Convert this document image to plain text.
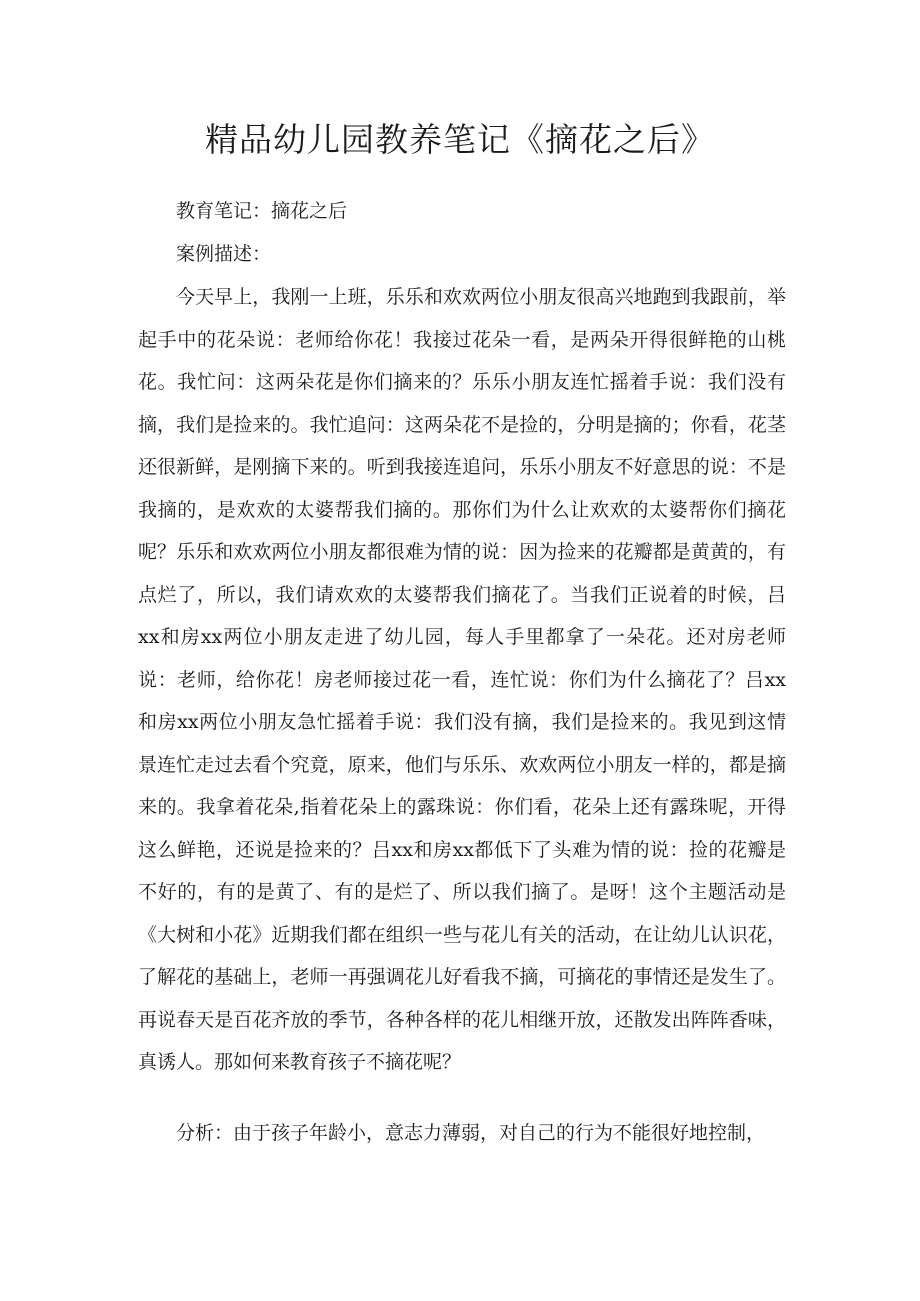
精品幼儿园教养笔记《摘花之后》

教育笔记：摘花之后

案例描述：

今天早上，我刚一上班，乐乐和欢欢两位小朋友很高兴地跑到我跟前，举起手中的花朵说：老师给你花！我接过花朵一看，是两朵开得很鲜艳的山桃花。我忙问：这两朵花是你们摘来的？乐乐小朋友连忙摇着手说：我们没有摘，我们是捡来的。我忙追问：这两朵花不是捡的，分明是摘的；你看，花茎还很新鲜，是刚摘下来的。听到我接连追问，乐乐小朋友不好意思的说：不是我摘的，是欢欢的太婆帮我们摘的。那你们为什么让欢欢的太婆帮你们摘花呢？乐乐和欢欢两位小朋友都很难为情的说：因为捡来的花瓣都是黄黄的，有点烂了，所以，我们请欢欢的太婆帮我们摘花了。当我们正说着的时候，吕xx和房xx两位小朋友走进了幼儿园，每人手里都拿了一朵花。还对房老师说：老师，给你花！房老师接过花一看，连忙说：你们为什么摘花了？吕xx和房xx两位小朋友急忙摇着手说：我们没有摘，我们是捡来的。我见到这情景连忙走过去看个究竟，原来，他们与乐乐、欢欢两位小朋友一样的，都是摘来的。我拿着花朵,指着花朵上的露珠说：你们看，花朵上还有露珠呢，开得这么鲜艳，还说是捡来的？吕xx和房xx都低下了头难为情的说：捡的花瓣是不好的，有的是黄了、有的是烂了、所以我们摘了。是呀！这个主题活动是《大树和小花》近期我们都在组织一些与花儿有关的活动，在让幼儿认识花，了解花的基础上，老师一再强调花儿好看我不摘，可摘花的事情还是发生了。再说春天是百花齐放的季节，各种各样的花儿相继开放，还散发出阵阵香味，真诱人。那如何来教育孩子不摘花呢？

分析：由于孩子年龄小，意志力薄弱，对自己的行为不能很好地控制，
